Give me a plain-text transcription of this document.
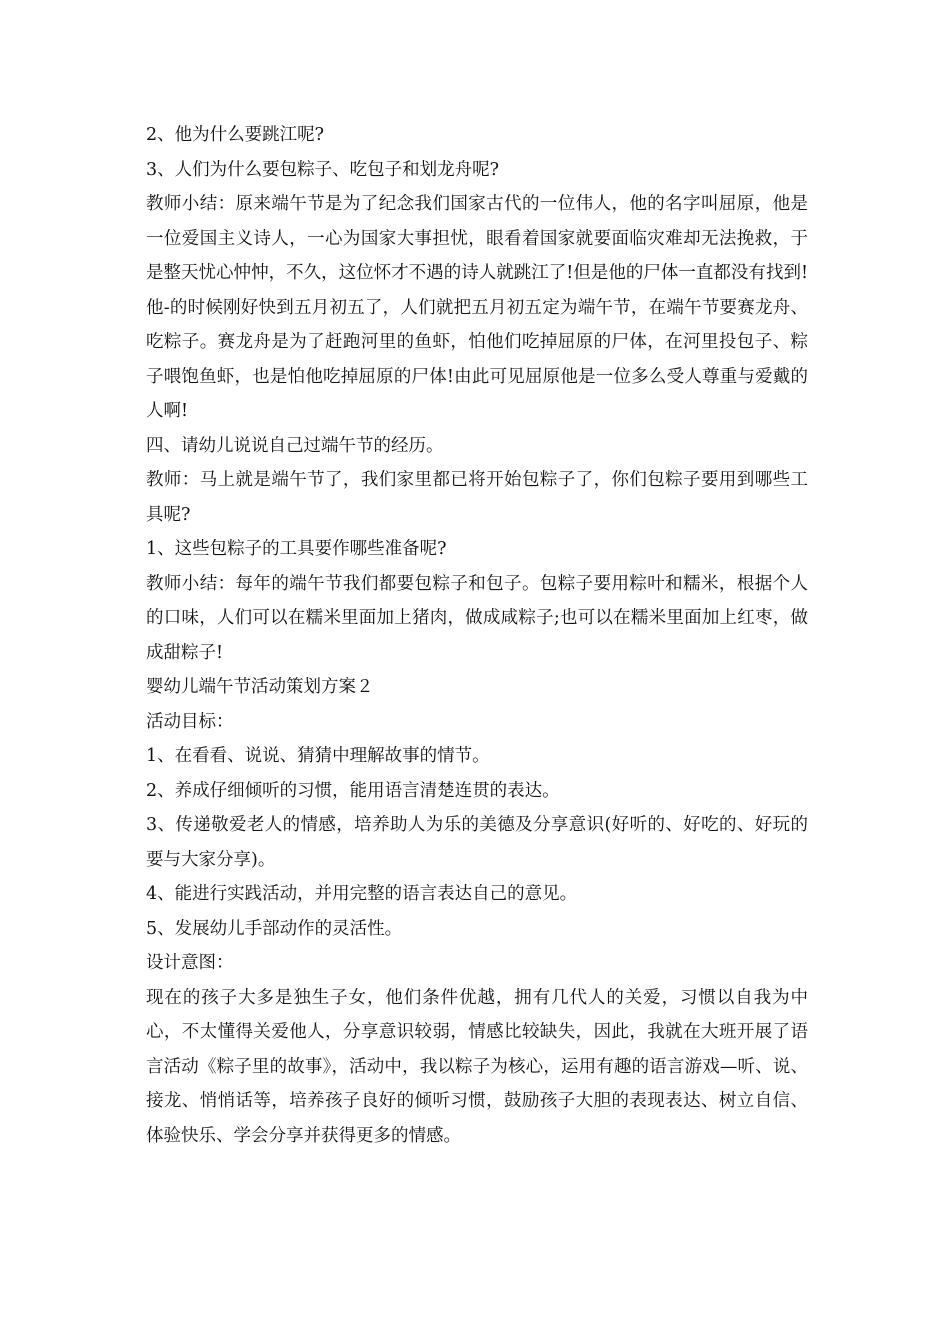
2、他为什么要跳江呢?

3、人们为什么要包粽子、吃包子和划龙舟呢?

教师小结：原来端午节是为了纪念我们国家古代的一位伟人，他的名字叫屈原，他是一位爱国主义诗人，一心为国家大事担忧，眼看着国家就要面临灾难却无法挽救，于是整天忧心忡忡，不久，这位怀才不遇的诗人就跳江了!但是他的尸体一直都没有找到!他-的时候刚好快到五月初五了，人们就把五月初五定为端午节，在端午节要赛龙舟、吃粽子。赛龙舟是为了赶跑河里的鱼虾，怕他们吃掉屈原的尸体，在河里投包子、粽子喂饱鱼虾，也是怕他吃掉屈原的尸体!由此可见屈原他是一位多么受人尊重与爱戴的人啊!

四、请幼儿说说自己过端午节的经历。

教师：马上就是端午节了，我们家里都已将开始包粽子了，你们包粽子要用到哪些工具呢?

1、这些包粽子的工具要作哪些准备呢?

教师小结：每年的端午节我们都要包粽子和包子。包粽子要用粽叶和糯米，根据个人的口味，人们可以在糯米里面加上猪肉，做成咸粽子;也可以在糯米里面加上红枣，做成甜粽子!

婴幼儿端午节活动策划方案２

活动目标：

1、在看看、说说、猜猜中理解故事的情节。

2、养成仔细倾听的习惯，能用语言清楚连贯的表达。

3、传递敬爱老人的情感，培养助人为乐的美德及分享意识(好听的、好吃的、好玩的要与大家分享)。

4、能进行实践活动，并用完整的语言表达自己的意见。

5、发展幼儿手部动作的灵活性。

设计意图：

现在的孩子大多是独生子女，他们条件优越，拥有几代人的关爱，习惯以自我为中心，不太懂得关爱他人，分享意识较弱，情感比较缺失，因此，我就在大班开展了语言活动《粽子里的故事》，活动中，我以粽子为核心，运用有趣的语言游戏—听、说、接龙、悄悄话等，培养孩子良好的倾听习惯，鼓励孩子大胆的表现表达、树立自信、体验快乐、学会分享并获得更多的情感。
